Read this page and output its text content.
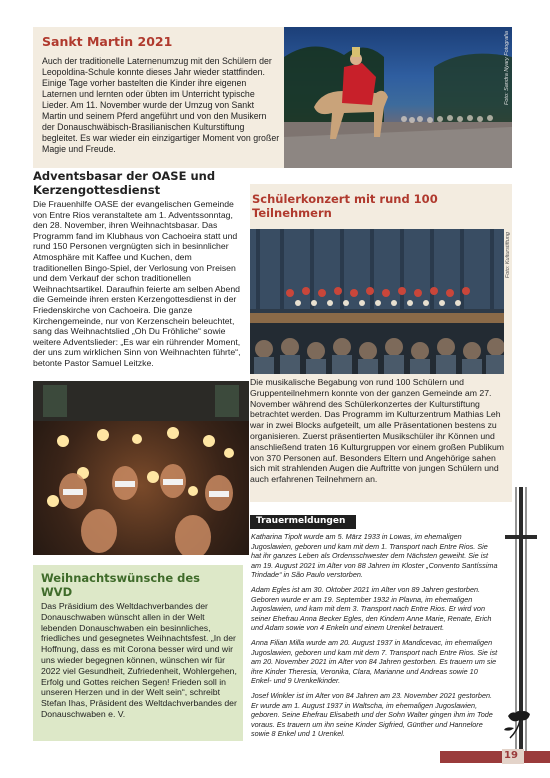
Sankt Martin 2021
Auch der traditionelle Laternenumzug mit den Schülern der Leopoldina-Schule konnte dieses Jahr wieder stattfinden. Einige Tage vorher bastelten die Kinder ihre eigenen Laternen und lernten oder übten im Unterricht typische Lieder. Am 11. November wurde der Umzug von Sankt Martin und seinem Pferd angeführt und von den Musikern der Donauschwäbisch-Brasilianischen Kulturstiftung begleitet. Es war wieder ein einzigartiger Moment von großer Magie und Freude.
Foto: Sandra Nyary Fotografia
Adventsbasar der OASE und Kerzengottesdienst
Die Frauenhilfe OASE der evangelischen Gemeinde von Entre Rios veranstaltete am 1. Adventssonntag, den 28. November, ihren Weihnachtsbasar. Das Programm fand im Klubhaus von Cachoeira statt und rund 150 Personen vergnügten sich in besinnlicher Atmosphäre mit Kaffee und Kuchen, dem traditionellen Bingo-Spiel, der Verlosung von Preisen und dem Verkauf der schon traditionellen Weihnachtsartikel. Daraufhin feierte am selben Abend die Gemeinde ihren ersten Kerzengottesdienst in der Friedenskirche von Cachoeira. Die ganze Kirchengemeinde, nur von Kerzenschein beleuchtet, sang das Weihnachtslied „Oh Du Fröhliche“ sowie weitere Adventslieder: „Es war ein rührender Moment, der uns zum wirklichen Sinn von Weihnachten führte“, betonte Pastor Samuel Leitzke.
Weihnachtswünsche des WVD
Das Präsidium des Weltdachverbandes der Donauschwaben wünscht allen in der Welt lebenden Donauschwaben ein besinnliches, friedliches und gesegnetes Weihnachtsfest. „In der Hoffnung, dass es mit Corona besser wird und wir uns wieder begegnen können, wünschen wir für 2022 viel Gesundheit, Zufriedenheit, Wohlergehen, Erfolg und Gottes reichen Segen! Frieden soll in unseren Herzen und in der Welt sein“, schreibt Stefan Ihas, Präsident des Weltdachverbandes der Donauschwaben e. V.
Schülerkonzert mit rund 100 Teilnehmern
Foto: Kulturstiftung
Die musikalische Begabung von rund 100 Schülern und Gruppenteilnehmern konnte von der ganzen Gemeinde am 27. November während des Schülerkonzertes der Kulturstiftung betrachtet werden. Das Programm im Kulturzentrum Mathias Leh war in zwei Blocks aufgeteilt, um alle Präsentationen bestens zu organisieren. Zuerst präsentierten Musikschüler ihr Können und anschließend traten 16 Kulturgruppen vor einem großen Publikum von 370 Personen auf. Besonders Eltern und Angehörige sahen sich mit strahlenden Augen die Auftritte von jungen Schülern und auch erfahrenen Teilnehmern an.
Trauermeldungen

Katharina Tipolt wurde am 5. März 1933 in Lowas, im ehemaligen Jugoslawien, geboren und kam mit dem 1. Transport nach Entre Rios. Sie hat ihr ganzes Leben als Ordensschwester dem Nächsten geweiht. Sie ist am 19. August 2021 im Alter von 88 Jahren im Kloster „Convento Santíssima Trindade“ in São Paulo verstorben.

Adam Egles ist am 30. Oktober 2021 im Alter von 89 Jahren gestorben. Geboren wurde er am 19. September 1932 in Plavna, im ehemaligen Jugoslawien, und kam mit dem 3. Transport nach Entre Rios. Er wird von seiner Ehefrau Anna Becker Egles, den Kindern Anne Marie, Renate, Erich und Adam sowie von 4 Enkeln und einem Urenkel betrauert.

Anna Filian Milla wurde am 20. August 1937 in Mandicevac, im ehemaligen Jugoslawien, geboren und kam mit dem 7. Transport nach Entre Rios. Sie ist am 20. November 2021 im Alter von 84 Jahren gestorben. Es trauern um sie ihre Kinder Theresia, Veronika, Clara, Marianne und Andreas sowie 10 Enkel- und 9 Urenkelkinder.

Josef Winkler ist im Alter von 84 Jahren am 23. November 2021 gestorben. Er wurde am 1. August 1937 in Waltscha, im ehemaligen Jugoslawien, geboren. Seine Ehefrau Elisabeth und der Sohn Walter gingen ihm im Tode voraus. Es trauern um ihn seine Kinder Sigfried, Günther und Hannelore sowie 8 Enkel und 1 Urenkel.

19
